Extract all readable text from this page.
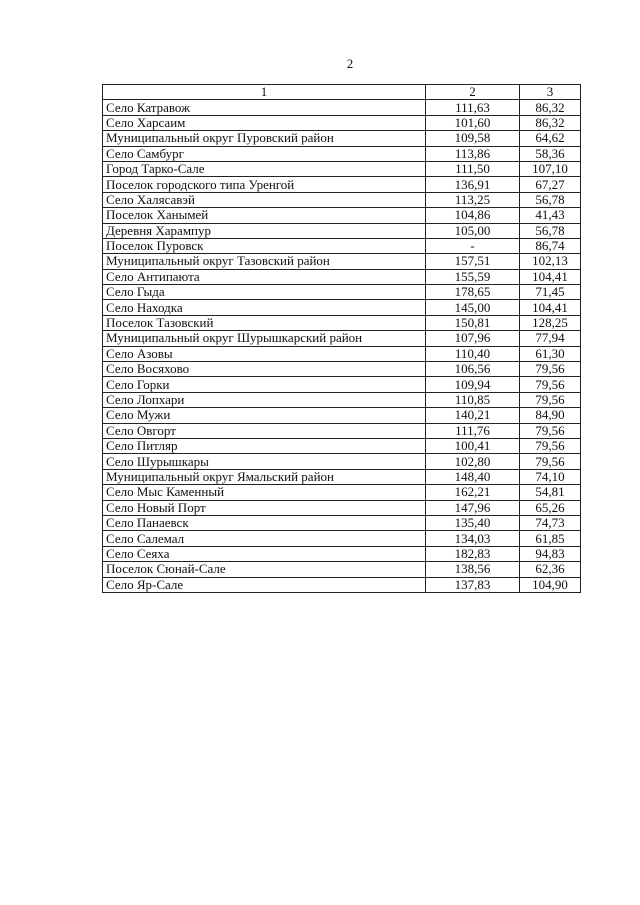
2
1	2	3
Село Катравож	111,63	86,32
Село Харсаим	101,60	86,32
Муниципальный округ Пуровский район	109,58	64,62
Село Самбург	113,86	58,36
Город Тарко-Сале	111,50	107,10
Поселок городского типа Уренгой	136,91	67,27
Село Халясавэй	113,25	56,78
Поселок Ханымей	104,86	41,43
Деревня Харампур	105,00	56,78
Поселок Пуровск	-	86,74
Муниципальный округ Тазовский район	157,51	102,13
Село Антипаюта	155,59	104,41
Село Гыда	178,65	71,45
Село Находка	145,00	104,41
Поселок Тазовский	150,81	128,25
Муниципальный округ Шурышкарский район	107,96	77,94
Село Азовы	110,40	61,30
Село Восяхово	106,56	79,56
Село Горки	109,94	79,56
Село Лопхари	110,85	79,56
Село Мужи	140,21	84,90
Село Овгорт	111,76	79,56
Село Питляр	100,41	79,56
Село Шурышкары	102,80	79,56
Муниципальный округ Ямальский район	148,40	74,10
Село Мыс Каменный	162,21	54,81
Село Новый Порт	147,96	65,26
Село Панаевск	135,40	74,73
Село Салемал	134,03	61,85
Село Сеяха	182,83	94,83
Поселок Сюнай-Сале	138,56	62,36
Село Яр-Сале	137,83	104,90
